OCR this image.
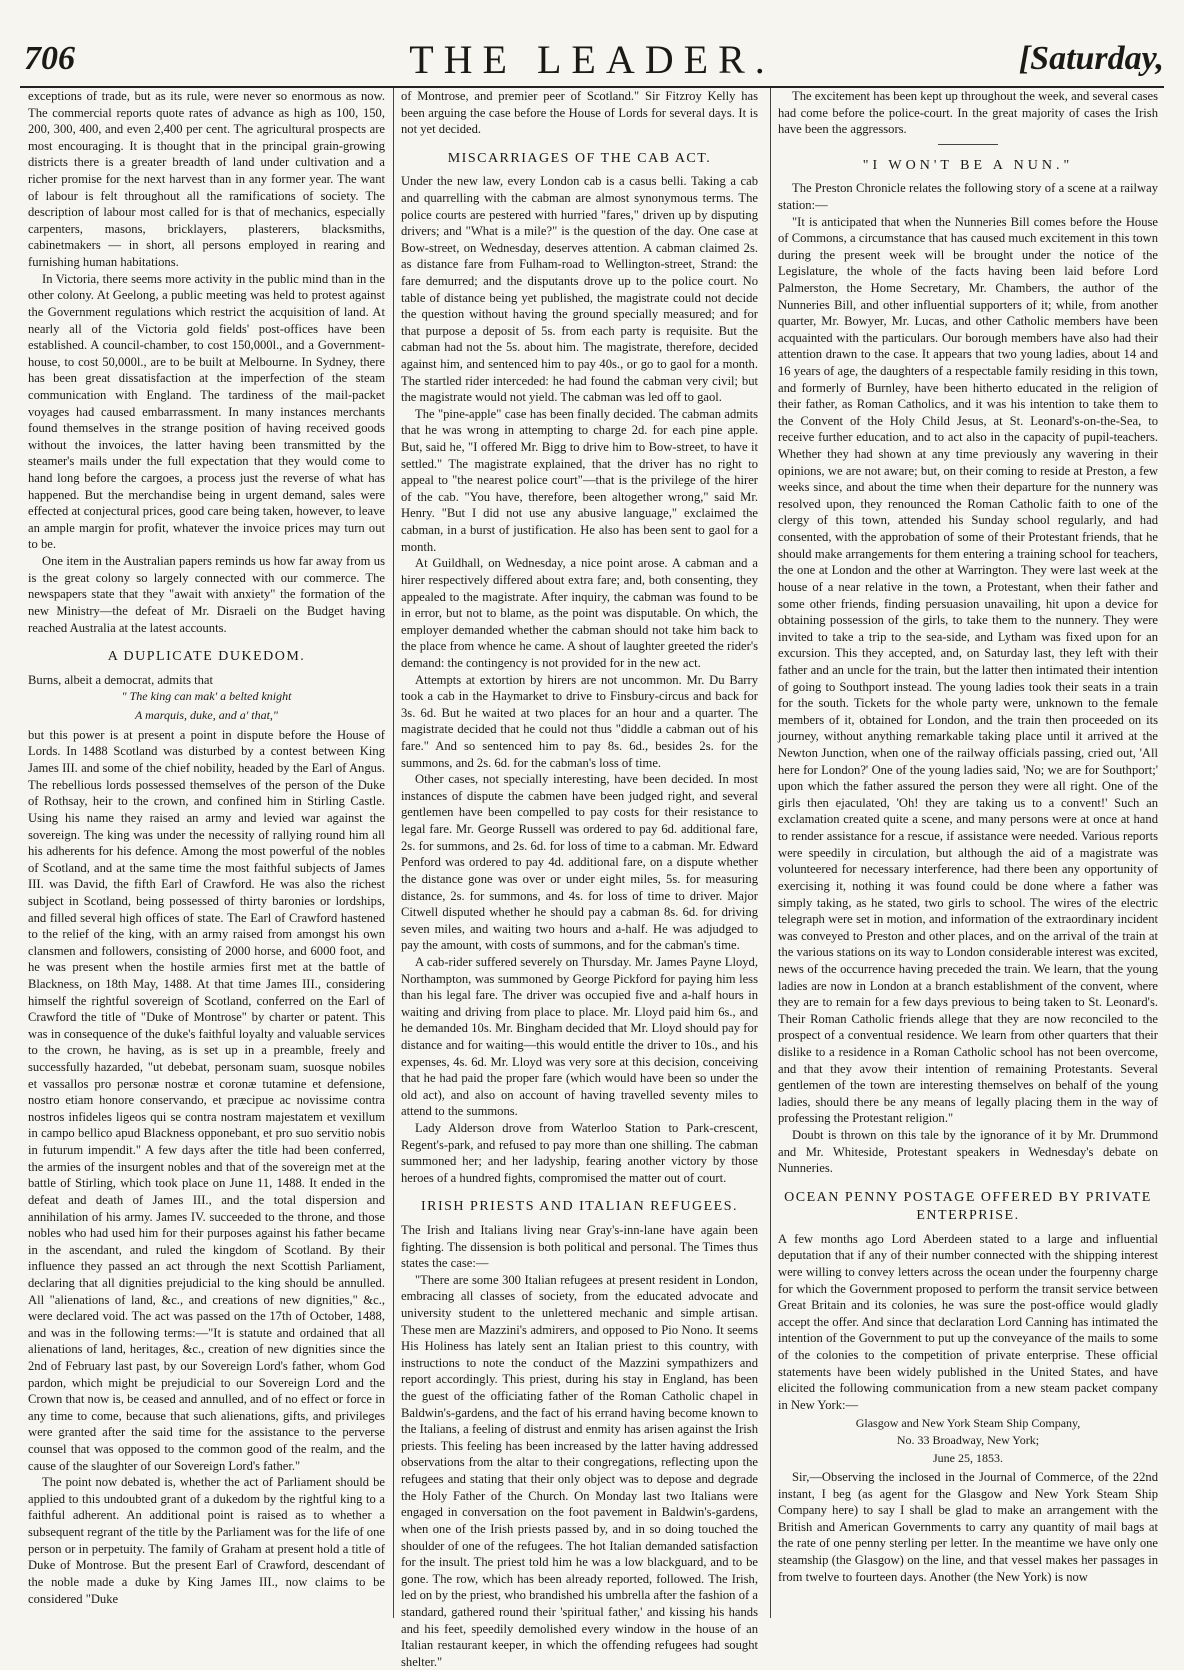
706	THE LEADER.	[Saturday,

exceptions of trade, but as its rule, were never so enormous as now. The commercial reports quote rates of advance as high as 100, 150, 200, 300, 400, and even 2,400 per cent. The agricultural prospects are most encouraging. It is thought that in the principal grain-growing districts there is a greater breadth of land under cultivation and a richer promise for the next harvest than in any former year. The want of labour is felt throughout all the ramifications of society. The description of labour most called for is that of mechanics, especially carpenters, masons, bricklayers, plasterers, blacksmiths, cabinetmakers — in short, all persons employed in rearing and furnishing human habitations.

In Victoria, there seems more activity in the public mind than in the other colony. At Geelong, a public meeting was held to protest against the Government regulations which restrict the acquisition of land. At nearly all of the Victoria gold fields' post-offices have been established. A council-chamber, to cost 150,000l., and a Government-house, to cost 50,000l., are to be built at Melbourne. In Sydney, there has been great dissatisfaction at the imperfection of the steam communication with England. The tardiness of the mail-packet voyages had caused embarrassment. In many instances merchants found themselves in the strange position of having received goods without the invoices, the latter having been transmitted by the steamer's mails under the full expectation that they would come to hand long before the cargoes, a process just the reverse of what has happened. But the merchandise being in urgent demand, sales were effected at conjectural prices, good care being taken, however, to leave an ample margin for profit, whatever the invoice prices may turn out to be.

One item in the Australian papers reminds us how far away from us is the great colony so largely connected with our commerce. The newspapers state that they "await with anxiety" the formation of the new Ministry—the defeat of Mr. Disraeli on the Budget having reached Australia at the latest accounts.

A DUPLICATE DUKEDOM.

Burns, albeit a democrat, admits that

" The king can mak' a belted knight
A marquis, duke, and a' that,"

but this power is at present a point in dispute before the House of Lords. In 1488 Scotland was disturbed by a contest between King James III. and some of the chief nobility, headed by the Earl of Angus. The rebellious lords possessed themselves of the person of the Duke of Rothsay, heir to the crown, and confined him in Stirling Castle. Using his name they raised an army and levied war against the sovereign. The king was under the necessity of rallying round him all his adherents for his defence. Among the most powerful of the nobles of Scotland, and at the same time the most faithful subjects of James III. was David, the fifth Earl of Crawford. He was also the richest subject in Scotland, being possessed of thirty baronies or lordships, and filled several high offices of state. The Earl of Crawford hastened to the relief of the king, with an army raised from amongst his own clansmen and followers, consisting of 2000 horse, and 6000 foot, and he was present when the hostile armies first met at the battle of Blackness, on 18th May, 1488. At that time James III., considering himself the rightful sovereign of Scotland, conferred on the Earl of Crawford the title of "Duke of Montrose" by charter or patent. This was in consequence of the duke's faithful loyalty and valuable services to the crown, he having, as is set up in a preamble, freely and successfully hazarded, "ut debebat, personam suam, suosque nobiles et vassallos pro personæ nostræ et coronæ tutamine et defensione, nostro etiam honore conservando, et præcipue ac novissime contra nostros infideles ligeos qui se contra nostram majestatem et vexillum in campo bellico apud Blackness opponebant, et pro suo servitio nobis in futurum impendit." A few days after the title had been conferred, the armies of the insurgent nobles and that of the sovereign met at the battle of Stirling, which took place on June 11, 1488. It ended in the defeat and death of James III., and the total dispersion and annihilation of his army. James IV. succeeded to the throne, and those nobles who had used him for their purposes against his father became in the ascendant, and ruled the kingdom of Scotland. By their influence they passed an act through the next Scottish Parliament, declaring that all dignities prejudicial to the king should be annulled. All "alienations of land, &c., and creations of new dignities," &c., were declared void. The act was passed on the 17th of October, 1488, and was in the following terms:—"It is statute and ordained that all alienations of land, heritages, &c., creation of new dignities since the 2nd of February last past, by our Sovereign Lord's father, whom God pardon, which might be prejudicial to our Sovereign Lord and the Crown that now is, be ceased and annulled, and of no effect or force in any time to come, because that such alienations, gifts, and privileges were granted after the said time for the assistance to the perverse counsel that was opposed to the common good of the realm, and the cause of the slaughter of our Sovereign Lord's father."

The point now debated is, whether the act of Parliament should be applied to this undoubted grant of a dukedom by the rightful king to a faithful adherent. An additional point is raised as to whether a subsequent regrant of the title by the Parliament was for the life of one person or in perpetuity. The family of Graham at present hold a title of Duke of Montrose. But the present Earl of Crawford, descendant of the noble made a duke by King James III., now claims to be considered "Duke

of Montrose, and premier peer of Scotland." Sir Fitzroy Kelly has been arguing the case before the House of Lords for several days. It is not yet decided.

MISCARRIAGES OF THE CAB ACT.

Under the new law, every London cab is a casus belli. Taking a cab and quarrelling with the cabman are almost synonymous terms. The police courts are pestered with hurried "fares," driven up by disputing drivers; and "What is a mile?" is the question of the day. One case at Bow-street, on Wednesday, deserves attention. A cabman claimed 2s. as distance fare from Fulham-road to Wellington-street, Strand: the fare demurred; and the disputants drove up to the police court. No table of distance being yet published, the magistrate could not decide the question without having the ground specially measured; and for that purpose a deposit of 5s. from each party is requisite. But the cabman had not the 5s. about him. The magistrate, therefore, decided against him, and sentenced him to pay 40s., or go to gaol for a month. The startled rider interceded: he had found the cabman very civil; but the magistrate would not yield. The cabman was led off to gaol.

The "pine-apple" case has been finally decided. The cabman admits that he was wrong in attempting to charge 2d. for each pine apple. But, said he, "I offered Mr. Bigg to drive him to Bow-street, to have it settled." The magistrate explained, that the driver has no right to appeal to "the nearest police court"—that is the privilege of the hirer of the cab. "You have, therefore, been altogether wrong," said Mr. Henry. "But I did not use any abusive language," exclaimed the cabman, in a burst of justification. He also has been sent to gaol for a month.

At Guildhall, on Wednesday, a nice point arose. A cabman and a hirer respectively differed about extra fare; and, both consenting, they appealed to the magistrate. After inquiry, the cabman was found to be in error, but not to blame, as the point was disputable. On which, the employer demanded whether the cabman should not take him back to the place from whence he came. A shout of laughter greeted the rider's demand: the contingency is not provided for in the new act.

Attempts at extortion by hirers are not uncommon. Mr. Du Barry took a cab in the Haymarket to drive to Finsbury-circus and back for 3s. 6d. But he waited at two places for an hour and a quarter. The magistrate decided that he could not thus "diddle a cabman out of his fare." And so sentenced him to pay 8s. 6d., besides 2s. for the summons, and 2s. 6d. for the cabman's loss of time.

Other cases, not specially interesting, have been decided. In most instances of dispute the cabmen have been judged right, and several gentlemen have been compelled to pay costs for their resistance to legal fare. Mr. George Russell was ordered to pay 6d. additional fare, 2s. for summons, and 2s. 6d. for loss of time to a cabman. Mr. Edward Penford was ordered to pay 4d. additional fare, on a dispute whether the distance gone was over or under eight miles, 5s. for measuring distance, 2s. for summons, and 4s. for loss of time to driver. Major Citwell disputed whether he should pay a cabman 8s. 6d. for driving seven miles, and waiting two hours and a-half. He was adjudged to pay the amount, with costs of summons, and for the cabman's time.

A cab-rider suffered severely on Thursday. Mr. James Payne Lloyd, Northampton, was summoned by George Pickford for paying him less than his legal fare. The driver was occupied five and a-half hours in waiting and driving from place to place. Mr. Lloyd paid him 6s., and he demanded 10s. Mr. Bingham decided that Mr. Lloyd should pay for distance and for waiting—this would entitle the driver to 10s., and his expenses, 4s. 6d. Mr. Lloyd was very sore at this decision, conceiving that he had paid the proper fare (which would have been so under the old act), and also on account of having travelled seventy miles to attend to the summons.

Lady Alderson drove from Waterloo Station to Park-crescent, Regent's-park, and refused to pay more than one shilling. The cabman summoned her; and her ladyship, fearing another victory by those heroes of a hundred fights, compromised the matter out of court.

IRISH PRIESTS AND ITALIAN REFUGEES.

The Irish and Italians living near Gray's-inn-lane have again been fighting. The dissension is both political and personal. The Times thus states the case:—

"There are some 300 Italian refugees at present resident in London, embracing all classes of society, from the educated advocate and university student to the unlettered mechanic and simple artisan. These men are Mazzini's admirers, and opposed to Pio Nono. It seems His Holiness has lately sent an Italian priest to this country, with instructions to note the conduct of the Mazzini sympathizers and report accordingly. This priest, during his stay in England, has been the guest of the officiating father of the Roman Catholic chapel in Baldwin's-gardens, and the fact of his errand having become known to the Italians, a feeling of distrust and enmity has arisen against the Irish priests. This feeling has been increased by the latter having addressed observations from the altar to their congregations, reflecting upon the refugees and stating that their only object was to depose and degrade the Holy Father of the Church. On Monday last two Italians were engaged in conversation on the foot pavement in Baldwin's-gardens, when one of the Irish priests passed by, and in so doing touched the shoulder of one of the refugees. The hot Italian demanded satisfaction for the insult. The priest told him he was a low blackguard, and to be gone. The row, which has been already reported, followed. The Irish, led on by the priest, who brandished his umbrella after the fashion of a standard, gathered round their 'spiritual father,' and kissing his hands and his feet, speedily demolished every window in the house of an Italian restaurant keeper, in which the offending refugees had sought shelter."

The excitement has been kept up throughout the week, and several cases had come before the police-court. In the great majority of cases the Irish have been the aggressors.

"I WON'T BE A NUN."

The Preston Chronicle relates the following story of a scene at a railway station:—

"It is anticipated that when the Nunneries Bill comes before the House of Commons, a circumstance that has caused much excitement in this town during the present week will be brought under the notice of the Legislature, the whole of the facts having been laid before Lord Palmerston, the Home Secretary, Mr. Chambers, the author of the Nunneries Bill, and other influential supporters of it; while, from another quarter, Mr. Bowyer, Mr. Lucas, and other Catholic members have been acquainted with the particulars. Our borough members have also had their attention drawn to the case. It appears that two young ladies, about 14 and 16 years of age, the daughters of a respectable family residing in this town, and formerly of Burnley, have been hitherto educated in the religion of their father, as Roman Catholics, and it was his intention to take them to the Convent of the Holy Child Jesus, at St. Leonard's-on-the-Sea, to receive further education, and to act also in the capacity of pupil-teachers. Whether they had shown at any time previously any wavering in their opinions, we are not aware; but, on their coming to reside at Preston, a few weeks since, and about the time when their departure for the nunnery was resolved upon, they renounced the Roman Catholic faith to one of the clergy of this town, attended his Sunday school regularly, and had consented, with the approbation of some of their Protestant friends, that he should make arrangements for them entering a training school for teachers, the one at London and the other at Warrington. They were last week at the house of a near relative in the town, a Protestant, when their father and some other friends, finding persuasion unavailing, hit upon a device for obtaining possession of the girls, to take them to the nunnery. They were invited to take a trip to the sea-side, and Lytham was fixed upon for an excursion. This they accepted, and, on Saturday last, they left with their father and an uncle for the train, but the latter then intimated their intention of going to Southport instead. The young ladies took their seats in a train for the south. Tickets for the whole party were, unknown to the female members of it, obtained for London, and the train then proceeded on its journey, without anything remarkable taking place until it arrived at the Newton Junction, when one of the railway officials passing, cried out, 'All here for London?' One of the young ladies said, 'No; we are for Southport;' upon which the father assured the person they were all right. One of the girls then ejaculated, 'Oh! they are taking us to a convent!' Such an exclamation created quite a scene, and many persons were at once at hand to render assistance for a rescue, if assistance were needed. Various reports were speedily in circulation, but although the aid of a magistrate was volunteered for necessary interference, had there been any opportunity of exercising it, nothing it was found could be done where a father was simply taking, as he stated, two girls to school. The wires of the electric telegraph were set in motion, and information of the extraordinary incident was conveyed to Preston and other places, and on the arrival of the train at the various stations on its way to London considerable interest was excited, news of the occurrence having preceded the train. We learn, that the young ladies are now in London at a branch establishment of the convent, where they are to remain for a few days previous to being taken to St. Leonard's. Their Roman Catholic friends allege that they are now reconciled to the prospect of a conventual residence. We learn from other quarters that their dislike to a residence in a Roman Catholic school has not been overcome, and that they avow their intention of remaining Protestants. Several gentlemen of the town are interesting themselves on behalf of the young ladies, should there be any means of legally placing them in the way of professing the Protestant religion."

Doubt is thrown on this tale by the ignorance of it by Mr. Drummond and Mr. Whiteside, Protestant speakers in Wednesday's debate on Nunneries.

OCEAN PENNY POSTAGE OFFERED BY PRIVATE ENTERPRISE.

A few months ago Lord Aberdeen stated to a large and influential deputation that if any of their number connected with the shipping interest were willing to convey letters across the ocean under the fourpenny charge for which the Government proposed to perform the transit service between Great Britain and its colonies, he was sure the post-office would gladly accept the offer. And since that declaration Lord Canning has intimated the intention of the Government to put up the conveyance of the mails to some of the colonies to the competition of private enterprise. These official statements have been widely published in the United States, and have elicited the following communication from a new steam packet company in New York:—

Glasgow and New York Steam Ship Company,
No. 33 Broadway, New York;
June 25, 1853.

Sir,—Observing the inclosed in the Journal of Commerce, of the 22nd instant, I beg (as agent for the Glasgow and New York Steam Ship Company here) to say I shall be glad to make an arrangement with the British and American Governments to carry any quantity of mail bags at the rate of one penny sterling per letter. In the meantime we have only one steamship (the Glasgow) on the line, and that vessel makes her passages in from twelve to fourteen days. Another (the New York) is now
